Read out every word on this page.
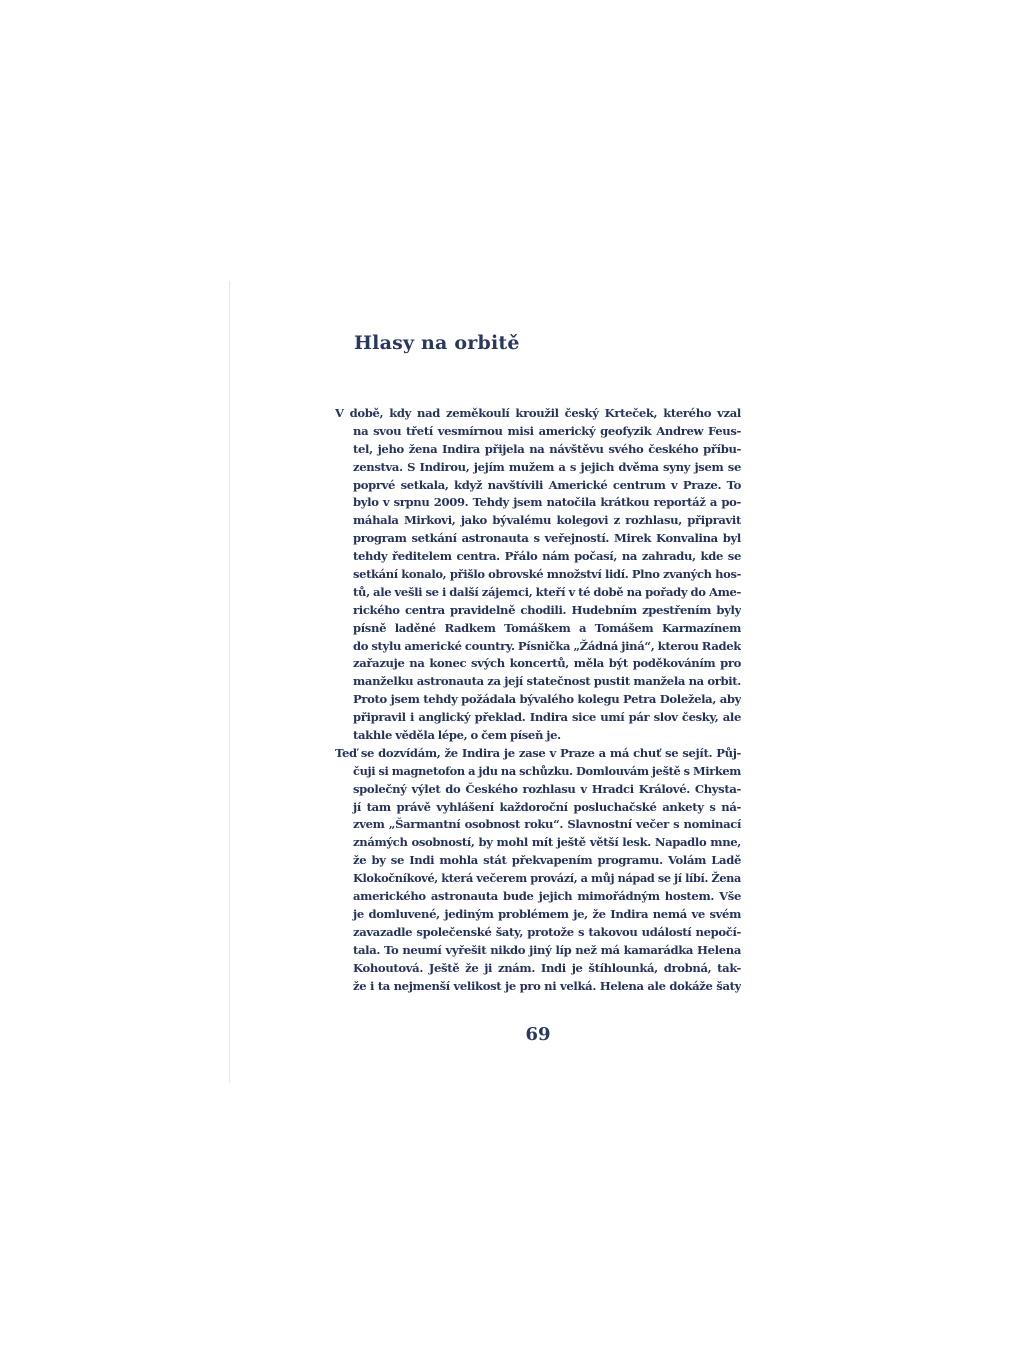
Hlasy na orbitě
V době, kdy nad zeměkoulí kroužil český Krteček, kterého vzal
na svou třetí vesmírnou misi americký geofyzik Andrew Feus-
tel, jeho žena Indira přijela na návštěvu svého českého příbu-
zenstva. S Indirou, jejím mužem a s jejich dvěma syny jsem se
poprvé setkala, když navštívili Americké centrum v Praze. To
bylo v srpnu 2009. Tehdy jsem natočila krátkou reportáž a po-
máhala Mirkovi, jako bývalému kolegovi z rozhlasu, připravit
program setkání astronauta s veřejností. Mirek Konvalina byl
tehdy ředitelem centra. Přálo nám počasí, na zahradu, kde se
setkání konalo, přišlo obrovské množství lidí. Plno zvaných hos-
tů, ale vešli se i další zájemci, kteří v té době na pořady do Ame-
rického centra pravidelně chodili. Hudebním zpestřením byly
písně laděné Radkem Tomáškem a Tomášem Karmazínem
do stylu americké country. Písnička „Žádná jiná“, kterou Radek
zařazuje na konec svých koncertů, měla být poděkováním pro
manželku astronauta za její statečnost pustit manžela na orbit.
Proto jsem tehdy požádala bývalého kolegu Petra Doležela, aby
připravil i anglický překlad. Indira sice umí pár slov česky, ale
takhle věděla lépe, o čem píseň je.
Teď se dozvídám, že Indira je zase v Praze a má chuť se sejít. Půj-
čuji si magnetofon a jdu na schůzku. Domlouvám ještě s Mirkem
společný výlet do Českého rozhlasu v Hradci Králové. Chysta-
jí tam právě vyhlášení každoroční posluchačské ankety s ná-
zvem „Šarmantní osobnost roku“. Slavnostní večer s nominací
známých osobností, by mohl mít ještě větší lesk. Napadlo mne,
že by se Indi mohla stát překvapením programu. Volám Ladě
Klokočníkové, která večerem provází, a můj nápad se jí líbí. Žena
amerického astronauta bude jejich mimořádným hostem. Vše
je domluvené, jediným problémem je, že Indira nemá ve svém
zavazadle společenské šaty, protože s takovou událostí nepočí-
tala. To neumí vyřešit nikdo jiný líp než má kamarádka Helena
Kohoutová. Ještě že ji znám. Indi je štíhlounká, drobná, tak-
že i ta nejmenší velikost je pro ni velká. Helena ale dokáže šaty
69
